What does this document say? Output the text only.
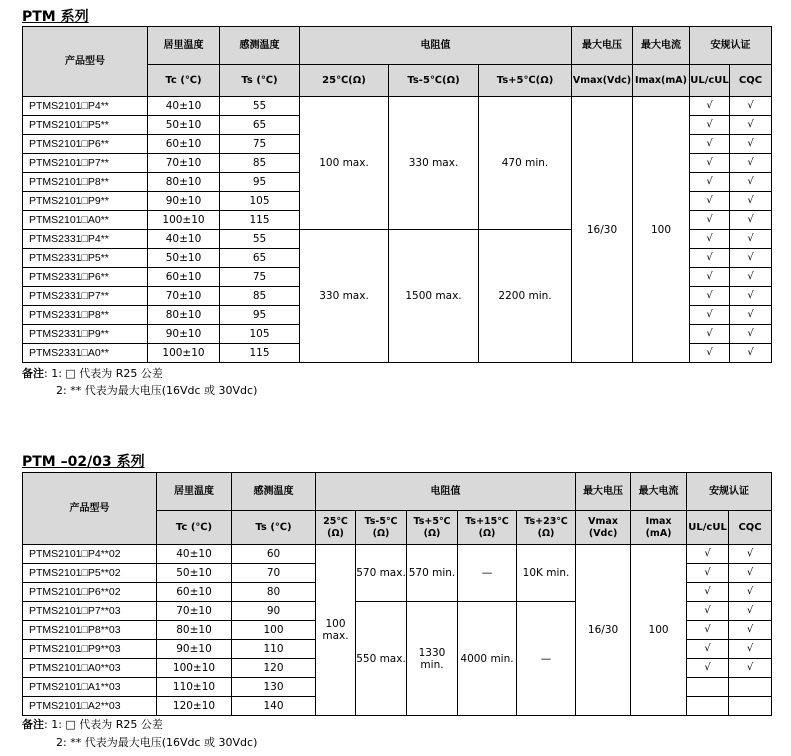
PTM 系列
产品型号	居里温度	感测温度	电阻值			最大电压	最大电流	安规认证	
	Tc (℃)	Ts (℃)	25℃(Ω)	Ts-5℃(Ω)	Ts+5℃(Ω)	Vmax(Vdc)	Imax(mA)	UL/cUL	CQC
PTMS2101□P4**	40±10	55	100 max.	330 max.	470 min.	16/30	100	√	√
PTMS2101□P5**	50±10	65						√	√
PTMS2101□P6**	60±10	75						√	√
PTMS2101□P7**	70±10	85						√	√
PTMS2101□P8**	80±10	95						√	√
PTMS2101□P9**	90±10	105						√	√
PTMS2101□A0**	100±10	115						√	√
PTMS2331□P4**	40±10	55	330 max.	1500 max.	2200 min.			√	√
PTMS2331□P5**	50±10	65						√	√
PTMS2331□P6**	60±10	75						√	√
PTMS2331□P7**	70±10	85						√	√
PTMS2331□P8**	80±10	95						√	√
PTMS2331□P9**	90±10	105						√	√
PTMS2331□A0**	100±10	115						√	√
备注: 1: □ 代表为 R25 公差
2: ** 代表为最大电压(16Vdc 或 30Vdc)
PTM –02/03 系列
产品型号	居里温度	感测温度	电阻值					最大电压	最大电流	安规认证	
	Tc (℃)	Ts (℃)	25℃ (Ω)	Ts-5℃ (Ω)	Ts+5℃ (Ω)	Ts+15℃ (Ω)	Ts+23℃ (Ω)	Vmax (Vdc)	Imax (mA)	UL/cUL	CQC
PTMS2101□P4**02	40±10	60	100 max.	570 max.	570 min.	—	10K min.	16/30	100	√	√
PTMS2101□P5**02	50±10	70								√	√
PTMS2101□P6**02	60±10	80								√	√
PTMS2101□P7**03	70±10	90		550 max.	1330 min.	4000 min.	—			√	√
PTMS2101□P8**03	80±10	100								√	√
PTMS2101□P9**03	90±10	110								√	√
PTMS2101□A0**03	100±10	120								√	√
PTMS2101□A1**03	110±10	130									
PTMS2101□A2**03	120±10	140									
备注: 1: □ 代表为 R25 公差
2: ** 代表为最大电压(16Vdc 或 30Vdc)
